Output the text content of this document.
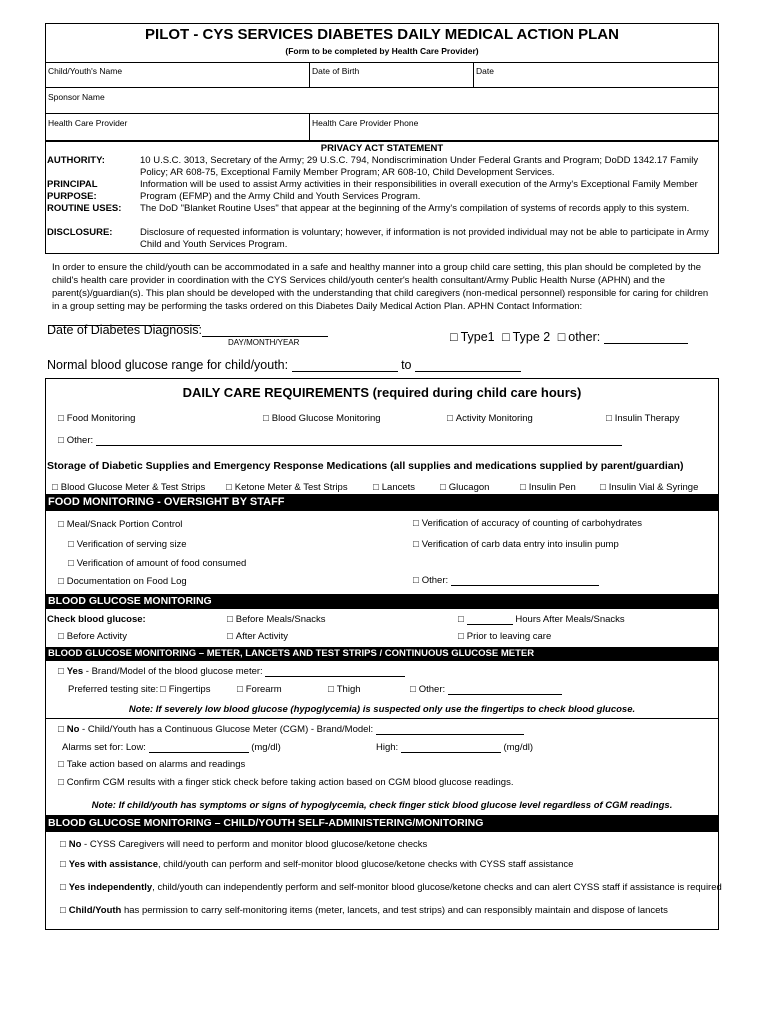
PILOT - CYS SERVICES DIABETES DAILY MEDICAL ACTION PLAN
(Form to be completed by Health Care Provider)
Child/Youth's Name	Date of Birth	Date
Sponsor Name
Health Care Provider	Health Care Provider Phone
PRIVACY ACT STATEMENT
AUTHORITY:	10 U.S.C. 3013, Secretary of the Army; 29 U.S.C. 794, Nondiscrimination Under Federal Grants and Program; DoDD 1342.17 Family Policy; AR 608-75, Exceptional Family Member Program; AR 608-10, Child Development Services.
PRINCIPAL PURPOSE:
Information will be used to assist Army activities in their responsibilities in overall execution of the Army's Exceptional Family Member Program (EFMP) and the Army Child and Youth Services Program.
ROUTINE USES: The DoD "Blanket Routine Uses" that appear at the beginning of the Army's compilation of systems of records apply to this system.
DISCLOSURE:	Disclosure of requested information is voluntary; however, if information is not provided individual may not be able to participate in Army Child and Youth Services Program.
In order to ensure the child/youth can be accommodated in a safe and healthy manner into a group child care setting, this plan should be completed by the child's health care provider in coordination with the CYS Services child/youth center's health consultant/Army Public Health Nurse (APHN) and the parent(s)/guardian(s). This plan should be developed with the understanding that child caregivers (non-medical personnel) responsible for caring for children in a group setting may be performing the tasks ordered on this Diabetes Daily Medical Action Plan. APHN Contact Information:
Date of Diabetes Diagnosis:
DAY/MONTH/YEAR	□ Type1 □ Type 2 □ other:
Normal blood glucose range for child/youth:	to
DAILY CARE REQUIREMENTS (required during child care hours)
□ Food Monitoring	□ Blood Glucose Monitoring	□ Activity Monitoring	□ Insulin Therapy
□ Other:
Storage of Diabetic Supplies and Emergency Response Medications (all supplies and medications supplied by parent/guardian)
□ Blood Glucose Meter & Test Strips	□ Ketone Meter & Test Strips	□ Lancets	□ Glucagon	□ Insulin Pen	□ Insulin Vial & Syringe
FOOD MONITORING - OVERSIGHT BY STAFF
□ Meal/Snack Portion Control
□ Verification of serving size
□ Verification of amount of food consumed
□ Documentation on Food Log
□ Verification of accuracy of counting of carbohydrates
□ Verification of carb data entry into insulin pump
□ Other:
BLOOD GLUCOSE MONITORING
Check blood glucose:	□ Before Meals/Snacks	□ Hours After Meals/Snacks
□ Before Activity	□ After Activity	□ Prior to leaving care
BLOOD GLUCOSE MONITORING – METER, LANCETS AND TEST STRIPS / CONTINUOUS GLUCOSE METER
□ Yes - Brand/Model of the blood glucose meter:
Preferred testing site:	□ Fingertips	□ Forearm	□ Thigh	□ Other:
Note: If severely low blood glucose (hypoglycemia) is suspected only use the fingertips to check blood glucose.
□ No - Child/Youth has a Continuous Glucose Meter (CGM) - Brand/Model:
Alarms set for: Low:	(mg/dl)	High:	(mg/dl)
□ Take action based on alarms and readings
□ Confirm CGM results with a finger stick check before taking action based on CGM blood glucose readings.
Note: If child/youth has symptoms or signs of hypoglycemia, check finger stick blood glucose level regardless of CGM readings.
BLOOD GLUCOSE MONITORING – CHILD/YOUTH SELF-ADMINISTERING/MONITORING
□ No - CYSS Caregivers will need to perform and monitor blood glucose/ketone checks
□ Yes with assistance, child/youth can perform and self-monitor blood glucose/ketone checks with CYSS staff assistance
□ Yes independently, child/youth can independently perform and self-monitor blood glucose/ketone checks and can alert CYSS staff if assistance is required
□ Child/Youth has permission to carry self-monitoring items (meter, lancets, and test strips) and can responsibly maintain and dispose of lancets
